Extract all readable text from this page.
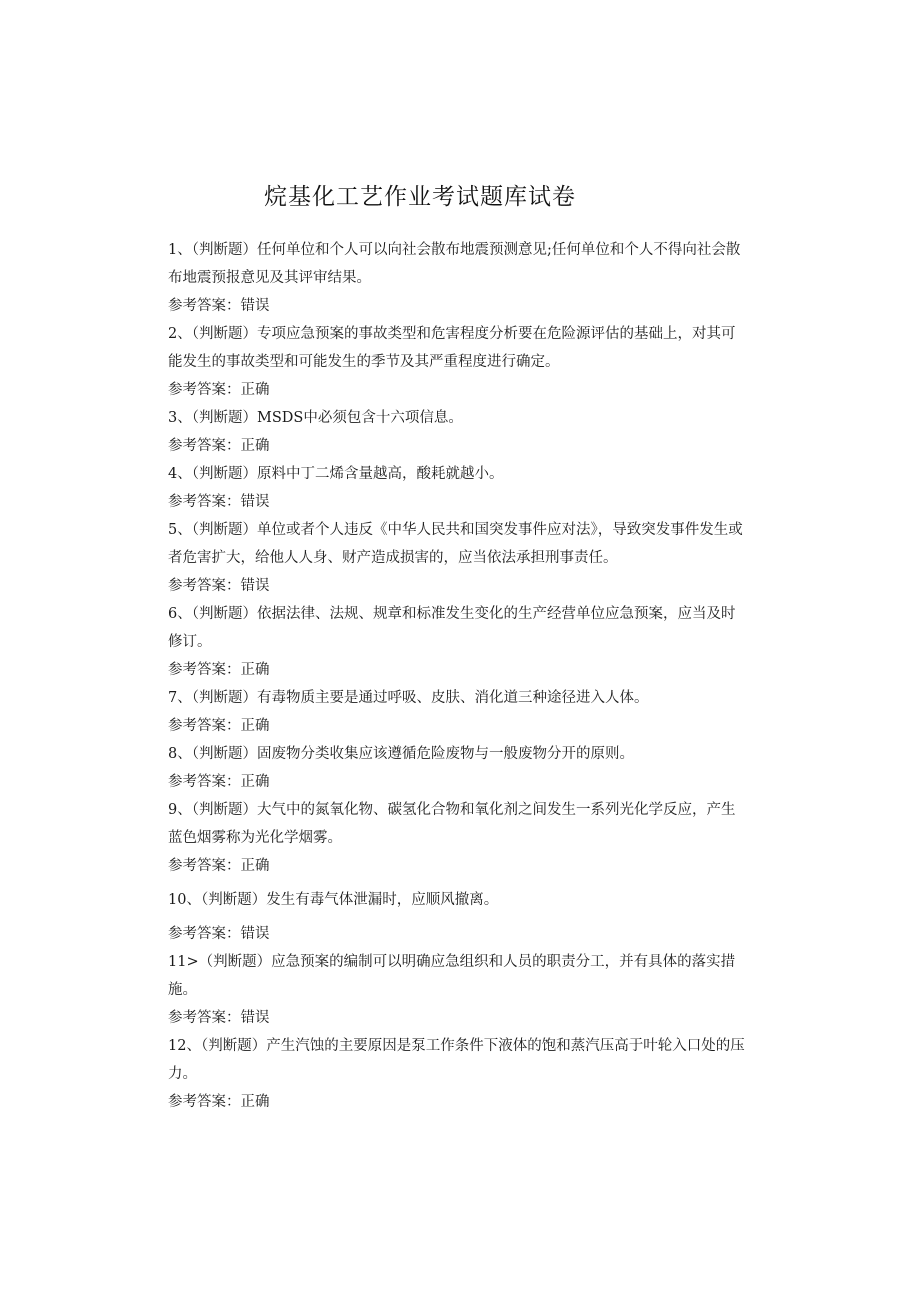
烷基化工艺作业考试题库试卷

1、（判断题）任何单位和个人可以向社会散布地震预测意见;任何单位和个人不得向社会散布地震预报意见及其评审结果。

参考答案：错误

2、（判断题）专项应急预案的事故类型和危害程度分析要在危险源评估的基础上，对其可能发生的事故类型和可能发生的季节及其严重程度进行确定。

参考答案：正确

3、（判断题）MSDS中必须包含十六项信息。

参考答案：正确

4、（判断题）原料中丁二烯含量越高，酸耗就越小。

参考答案：错误

5、（判断题）单位或者个人违反《中华人民共和国突发事件应对法》，导致突发事件发生或者危害扩大，给他人人身、财产造成损害的，应当依法承担刑事责任。

参考答案：错误

6、（判断题）依据法律、法规、规章和标准发生变化的生产经营单位应急预案，应当及时修订。

参考答案：正确

7、（判断题）有毒物质主要是通过呼吸、皮肤、消化道三种途径进入人体。

参考答案：正确

8、（判断题）固废物分类收集应该遵循危险废物与一般废物分开的原则。

参考答案：正确

9、（判断题）大气中的氮氧化物、碳氢化合物和氧化剂之间发生一系列光化学反应，产生蓝色烟雾称为光化学烟雾。

参考答案：正确

10、（判断题）发生有毒气体泄漏时，应顺风撤离。

参考答案：错误

11>（判断题）应急预案的编制可以明确应急组织和人员的职责分工，并有具体的落实措施。

参考答案：错误

12、（判断题）产生汽蚀的主要原因是泵工作条件下液体的饱和蒸汽压高于叶轮入口处的压力。

参考答案：正确
